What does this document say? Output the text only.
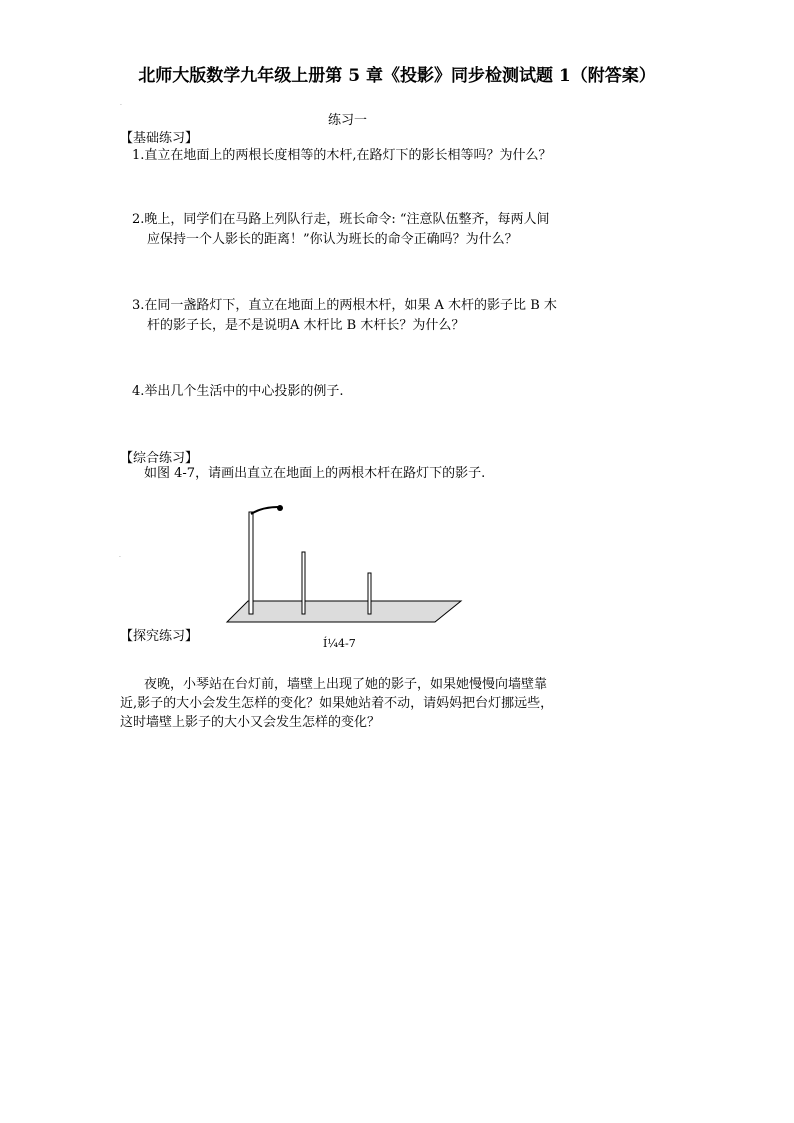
北师大版数学九年级上册第 5 章《投影》同步检测试题 1（附答案）
.
练习一
【基础练习】
1.直立在地面上的两根长度相等的木杆,在路灯下的影长相等吗？为什么？
2.晚上，同学们在马路上列队行走，班长命令: “注意队伍整齐，每两人间
应保持一个人影长的距离！”你认为班长的命令正确吗？为什么？
3.在同一盏路灯下，直立在地面上的两根木杆，如果 A 木杆的影子比 B 木
杆的影子长，是不是说明A 木杆比 B 木杆长？为什么？
4.举出几个生活中的中心投影的例子.
【综合练习】
如图 4-7，请画出直立在地面上的两根木杆在路灯下的影子.
.
【探究练习】	Í¼4-7
夜晚，小琴站在台灯前，墙壁上出现了她的影子，如果她慢慢向墙壁靠
近,影子的大小会发生怎样的变化？如果她站着不动，请妈妈把台灯挪远些，
这时墙壁上影子的大小又会发生怎样的变化？
